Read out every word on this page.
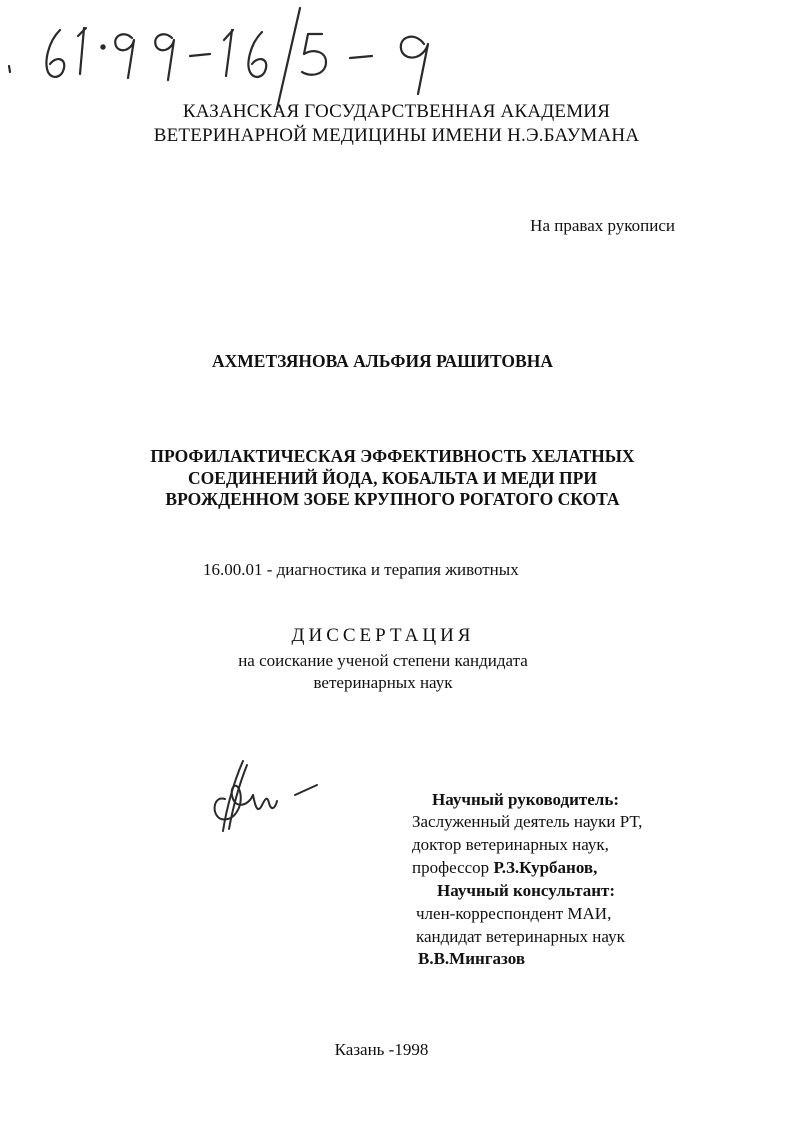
КАЗАНСКАЯ ГОСУДАРСТВЕННАЯ АКАДЕМИЯ
ВЕТЕРИНАРНОЙ МЕДИЦИНЫ ИМЕНИ Н.Э.БАУМАНА
На правах рукописи
АХМЕТЗЯНОВА АЛЬФИЯ РАШИТОВНА
ПРОФИЛАКТИЧЕСКАЯ ЭФФЕКТИВНОСТЬ ХЕЛАТНЫХ
СОЕДИНЕНИЙ ЙОДА, КОБАЛЬТА И МЕДИ ПРИ
ВРОЖДЕННОМ ЗОБЕ КРУПНОГО РОГАТОГО СКОТА
16.00.01 - диагностика и терапия животных
ДИССЕРТАЦИЯ
на соискание ученой степени кандидата
ветеринарных наук
Научный руководитель:
Заслуженный деятель науки РТ,
доктор ветеринарных наук,
профессор Р.З.Курбанов,
Научный консультант:
член-корреспондент МАИ,
кандидат ветеринарных наук
В.В.Мингазов
Казань -1998
